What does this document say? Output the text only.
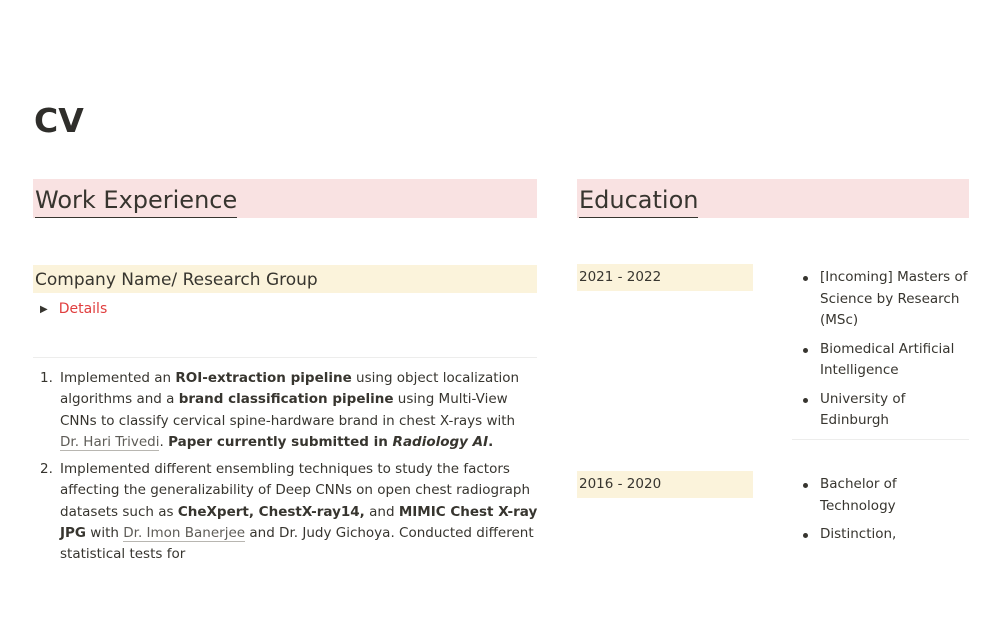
CV
Work Experience
Company Name/ Research Group
▶ Details
1. Implemented an ROI-extraction pipeline using object localization algorithms and a brand classification pipeline using Multi-View CNNs to classify cervical spine-hardware brand in chest X-rays with Dr. Hari Trivedi. Paper currently submitted in Radiology AI.
2. Implemented different ensembling techniques to study the factors affecting the generalizability of Deep CNNs on open chest radiograph datasets such as CheXpert, ChestX-ray14, and MIMIC Chest X-ray JPG with Dr. Imon Banerjee and Dr. Judy Gichoya. Conducted different statistical tests for
Education
2021 - 2022	[Incoming] Masters of Science by Research (MSc)
Biomedical Artificial Intelligence
University of Edinburgh
2016 - 2020	Bachelor of Technology
Distinction,
